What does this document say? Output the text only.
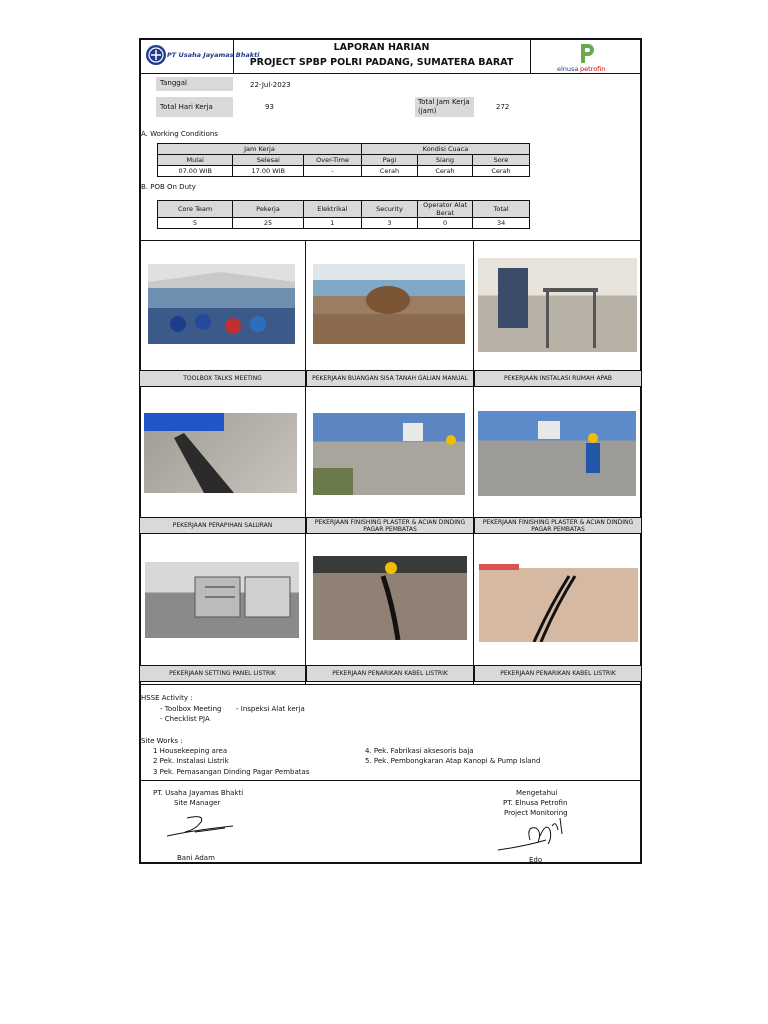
PT Usaha Jayamas Bhakti
LAPORAN HARIAN
PROJECT SPBP POLRI PADANG, SUMATERA BARAT
elnusa petrofin
Tanggal	22-Jul-2023
Total Hari Kerja	93
Total Jam Kerja (jam)	272
A. Working Conditions
Jam Kerja			Kondisi Cuaca		
Mulai	Selesai	Over-Time	Pagi	Siang	Sore
07.00 WIB	17.00 WIB	-	Cerah	Cerah	Cerah
B. POB On Duty
Core Team	Pekerja	Elektrikal	Security	Operator Alat Berat	Total
5	25	1	3	0	34
TOOLBOX TALKS MEETING	PEKERJAAN BUANGAN SISA TANAH GALIAN MANUAL	PEKERJAAN INSTALASI RUMAH APAB
PEKERJAAN PERAPIHAN SALURAN	PEKERJAAN FINISHING PLASTER & ACIAN DINDING PAGAR PEMBATAS
PEKERJAAN FINISHING PLASTER & ACIAN DINDING PAGAR PEMBATAS
PEKERJAAN SETTING PANEL LISTRIK	PEKERJAAN PENARIKAN KABEL LISTRIK	PEKERJAAN PENARIKAN KABEL LISTRIK
HSSE Activity :
- Toolbox Meeting - Inspeksi Alat kerja
- Checklist PJA
Site Works :
1 Housekeeping area
2 Pek. Instalasi Listrik
3 Pek. Pemasangan Dinding Pagar Pembatas
4. Pek. Fabrikasi aksesoris baja
5. Pek. Pembongkaran Atap Kanopi & Pump Island
PT. Usaha Jayamas Bhakti
Site Manager
Bani Adam
Mengetahui
PT. Elnusa Petrofin
Project Monitoring
Edo
